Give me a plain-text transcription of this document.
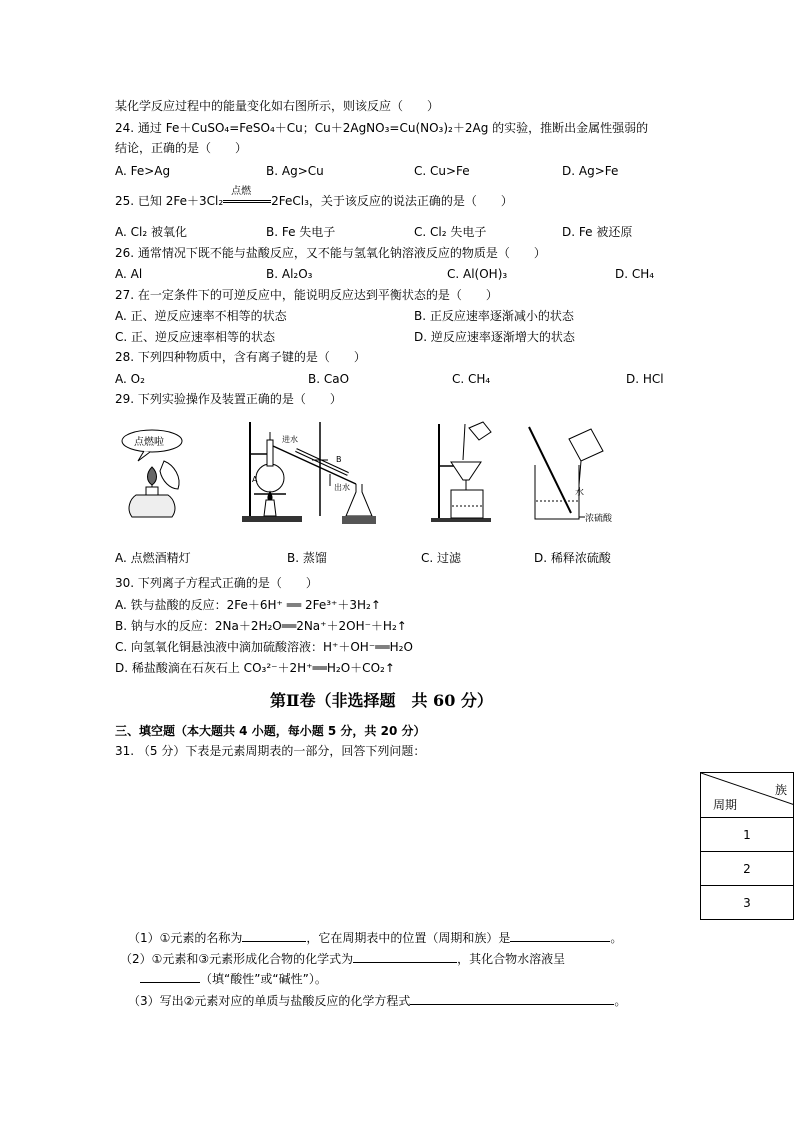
某化学反应过程中的能量变化如右图所示，则该反应（　　）
24. 通过 Fe＋CuSO₄=FeSO₄＋Cu；Cu＋2AgNO₃=Cu(NO₃)₂＋2Ag 的实验，推断出金属性强弱的
结论，正确的是（　　）
A. Fe>Ag	B. Ag>Cu	C. Cu>Fe	D. Ag>Fe
25. 已知 2Fe＋3Cl₂
点燃
2FeCl₃，关于该反应的说法正确的是（　　）
A. Cl₂ 被氧化	B. Fe 失电子	C. Cl₂ 失电子	D. Fe 被还原
26. 通常情况下既不能与盐酸反应，又不能与氢氧化钠溶液反应的物质是（　　）
A. Al	B. Al₂O₃	C. Al(OH)₃	D. CH₄
27. 在一定条件下的可逆反应中，能说明反应达到平衡状态的是（　　）
A. 正、逆反应速率不相等的状态	B. 正反应速率逐渐减小的状态
C. 正、逆反应速率相等的状态	D. 逆反应速率逐渐增大的状态
28. 下列四种物质中，含有离子键的是（　　）
A. O₂	B. CaO	C. CH₄	D. HCl
29. 下列实验操作及装置正确的是（　　）
点燃啦
A
进水
B
出水
水
浓硫酸
A. 点燃酒精灯	B. 蒸馏	C. 过滤	D. 稀释浓硫酸
30. 下列离子方程式正确的是（　　）
A. 铁与盐酸的反应：2Fe＋6H⁺ ══ 2Fe³⁺＋3H₂↑
B. 钠与水的反应：2Na＋2H₂O══2Na⁺＋2OH⁻＋H₂↑
C. 向氢氧化铜悬浊液中滴加硫酸溶液：H⁺＋OH⁻══H₂O
D. 稀盐酸滴在石灰石上 CO₃²⁻＋2H⁺══H₂O＋CO₂↑
第Ⅱ卷（非选择题　共 60 分）
三、填空题（本大题共 4 小题，每小题 5 分，共 20 分）
31. （5 分）下表是元素周期表的一部分，回答下列问题：
族
周期

1
2
3
（1）①元素的名称为	，它在周期表中的位置（周期和族）是	。
（2）①元素和③元素形成化合物的化学式为	，其化合物水溶液呈
（填“酸性”或“碱性”）。
（3）写出②元素对应的单质与盐酸反应的化学方程式	。
